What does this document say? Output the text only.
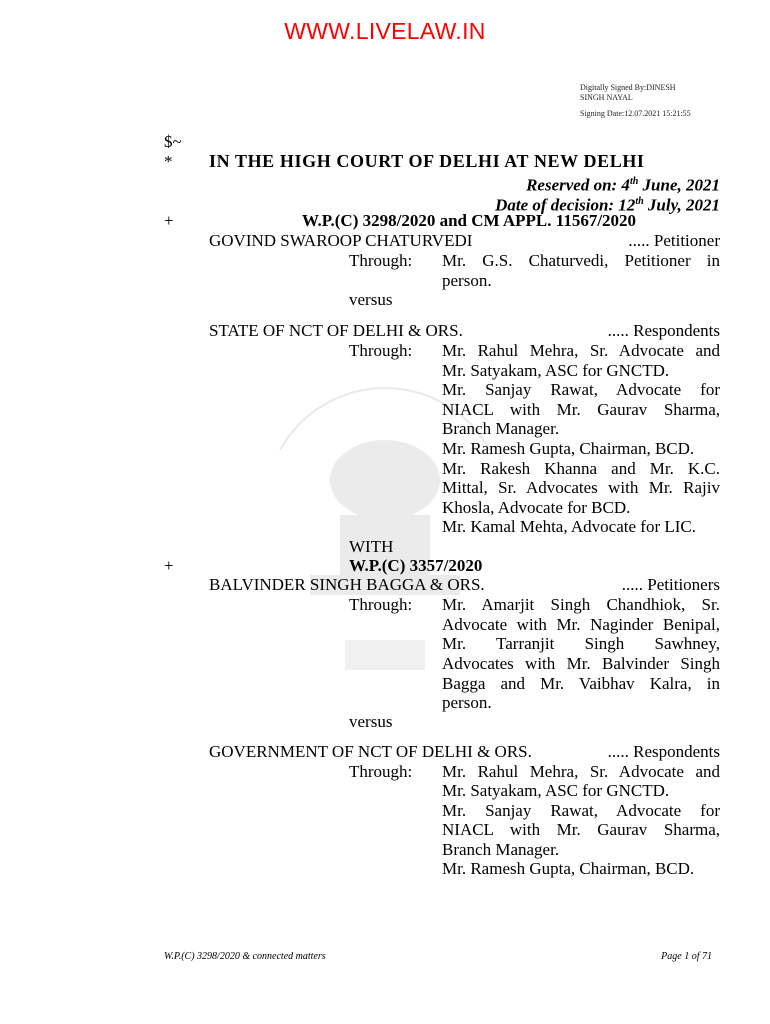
WWW.LIVELAW.IN
Digitally Signed By:DINESH
SINGH NAYAL
Signing Date:12.07.2021 15:21:55
$~
* IN THE HIGH COURT OF DELHI AT NEW DELHI
Reserved on: 4th June, 2021
Date of decision: 12th July, 2021
+	W.P.(C) 3298/2020 and CM APPL. 11567/2020
GOVIND SWAROOP CHATURVEDI	..... Petitioner
Through: Mr. G.S. Chaturvedi, Petitioner in
person.
versus
STATE OF NCT OF DELHI & ORS.	..... Respondents
Through: Mr. Rahul Mehra, Sr. Advocate and
Mr. Satyakam, ASC for GNCTD.
Mr. Sanjay Rawat, Advocate for
NIACL with Mr. Gaurav Sharma,
Branch Manager.
Mr. Ramesh Gupta, Chairman, BCD.
Mr. Rakesh Khanna and Mr. K.C.
Mittal, Sr. Advocates with Mr. Rajiv
Khosla, Advocate for BCD.
Mr. Kamal Mehta, Advocate for LIC.
WITH
+	W.P.(C) 3357/2020
BALVINDER SINGH BAGGA & ORS.	..... Petitioners
Through: Mr. Amarjit Singh Chandhiok, Sr.
Advocate with Mr. Naginder Benipal,
Mr. Tarranjit Singh Sawhney,
Advocates with Mr. Balvinder Singh
Bagga and Mr. Vaibhav Kalra, in
person.
versus
GOVERNMENT OF NCT OF DELHI & ORS.	..... Respondents
Through: Mr. Rahul Mehra, Sr. Advocate and
Mr. Satyakam, ASC for GNCTD.
Mr. Sanjay Rawat, Advocate for
NIACL with Mr. Gaurav Sharma,
Branch Manager.
Mr. Ramesh Gupta, Chairman, BCD.
W.P.(C) 3298/2020 & connected matters	Page 1 of 71
